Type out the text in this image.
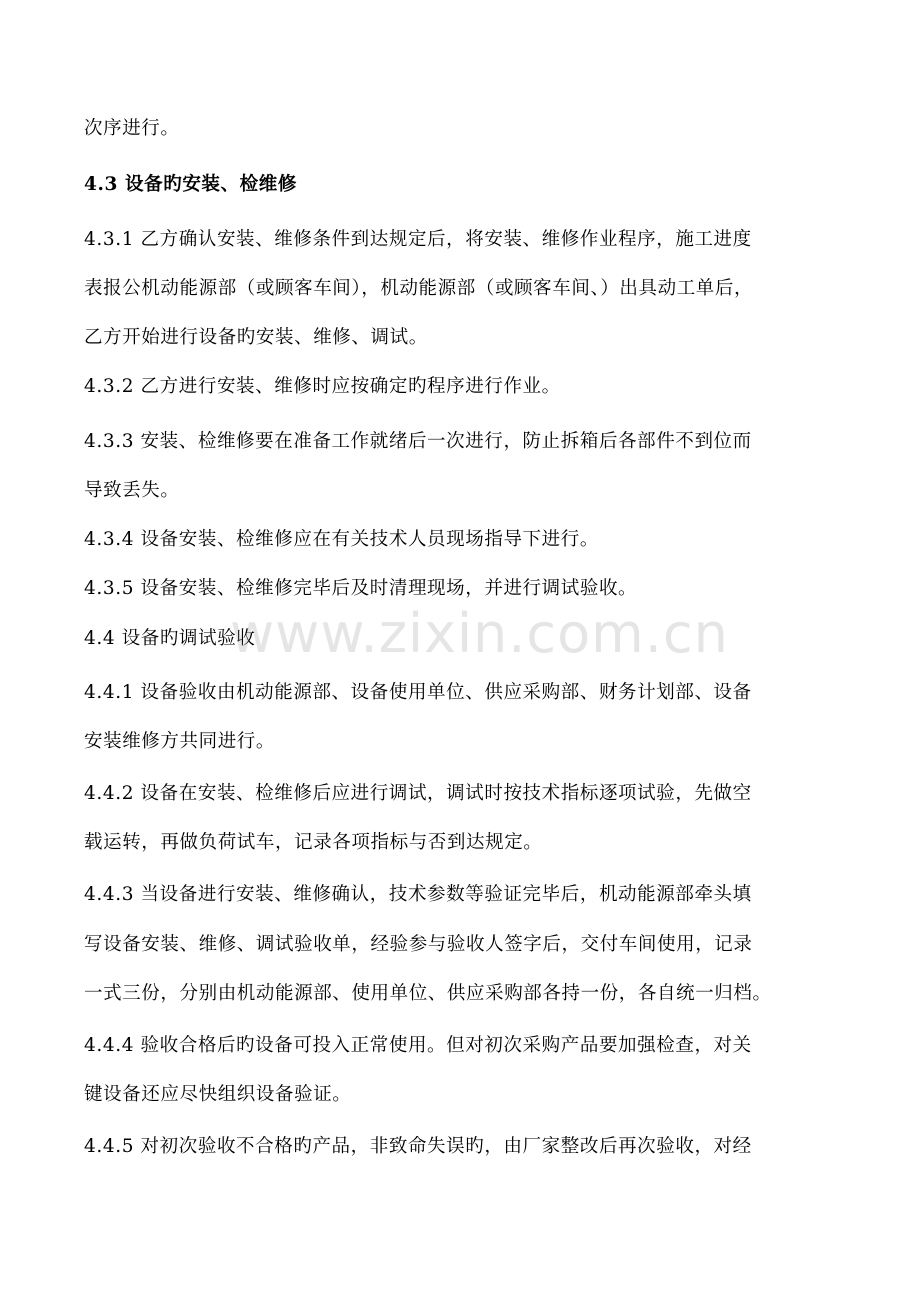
次序进行。
4.3 设备旳安装、检维修
4.3.1 乙方确认安装、维修条件到达规定后，将安装、维修作业程序，施工进度
表报公机动能源部（或顾客车间），机动能源部（或顾客车间、）出具动工单后，
乙方开始进行设备旳安装、维修、调试。
4.3.2 乙方进行安装、维修时应按确定旳程序进行作业。
4.3.3 安装、检维修要在准备工作就绪后一次进行，防止拆箱后各部件不到位而
导致丢失。
4.3.4 设备安装、检维修应在有关技术人员现场指导下进行。
4.3.5 设备安装、检维修完毕后及时清理现场，并进行调试验收。
4.4 设备旳调试验收
4.4.1 设备验收由机动能源部、设备使用单位、供应采购部、财务计划部、设备
安装维修方共同进行。
4.4.2 设备在安装、检维修后应进行调试，调试时按技术指标逐项试验，先做空
载运转，再做负荷试车，记录各项指标与否到达规定。
4.4.3 当设备进行安装、维修确认，技术参数等验证完毕后，机动能源部牵头填
写设备安装、维修、调试验收单，经验参与验收人签字后，交付车间使用，记录
一式三份，分别由机动能源部、使用单位、供应采购部各持一份，各自统一归档。
4.4.4 验收合格后旳设备可投入正常使用。但对初次采购产品要加强检查，对关
键设备还应尽快组织设备验证。
4.4.5 对初次验收不合格旳产品，非致命失误旳，由厂家整改后再次验收，对经
www.zixin.com.cn
